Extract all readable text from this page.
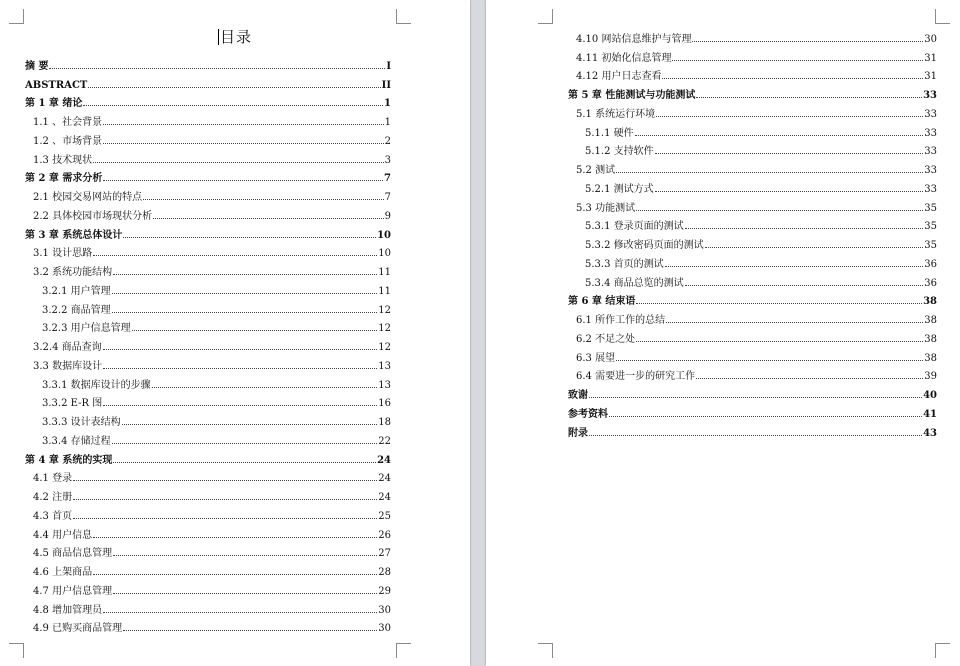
目录
摘 要	I
ABSTRACT	II
第 1 章 绪论	1
1.1 、社会背景	1
1.2 、市场背景	2
1.3 技术现状	3
第 2 章 需求分析	7
2.1 校园交易网站的特点	7
2.2 具体校园市场现状分析	9
第 3 章 系统总体设计	10
3.1 设计思路	10
3.2 系统功能结构	11
3.2.1 用户管理	11
3.2.2 商品管理	12
3.2.3 用户信息管理	12
3.2.4 商品查询	12
3.3 数据库设计	13
3.3.1 数据库设计的步骤	13
3.3.2 E-R 图	16
3.3.3 设计表结构	18
3.3.4 存储过程	22
第 4 章 系统的实现	24
4.1 登录	24
4.2 注册	24
4.3 首页	25
4.4 用户信息	26
4.5 商品信息管理	27
4.6 上架商品	28
4.7 用户信息管理	29
4.8 增加管理员	30
4.9 已购买商品管理	30
4.10 网站信息维护与管理	30
4.11 初始化信息管理	31
4.12 用户日志查看	31
第 5 章 性能测试与功能测试	33
5.1 系统运行环境	33
5.1.1 硬件	33
5.1.2 支持软件	33
5.2 测试	33
5.2.1 测试方式	33
5.3 功能测试	35
5.3.1 登录页面的测试	35
5.3.2 修改密码页面的测试	35
5.3.3 首页的测试	36
5.3.4 商品总览的测试	36
第 6 章 结束语	38
6.1 所作工作的总结	38
6.2 不足之处	38
6.3 展望	38
6.4 需要进一步的研究工作	39
致谢	40
参考资料	41
附录	43
